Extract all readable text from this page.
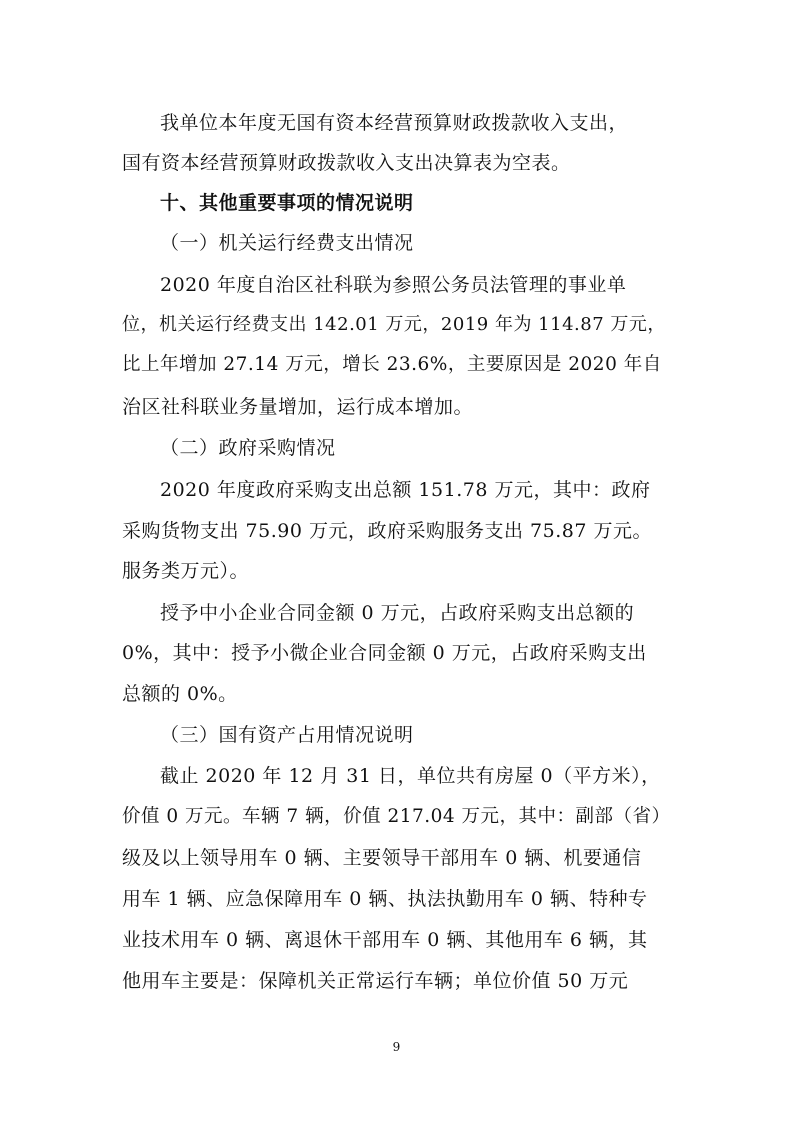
我单位本年度无国有资本经营预算财政拨款收入支出，
国有资本经营预算财政拨款收入支出决算表为空表。
十、其他重要事项的情况说明
（一）机关运行经费支出情况
2020 年度自治区社科联为参照公务员法管理的事业单
位，机关运行经费支出 142.01 万元，2019 年为 114.87 万元，
比上年增加 27.14 万元，增长 23.6%，主要原因是 2020 年自
治区社科联业务量增加，运行成本增加。
（二）政府采购情况
2020 年度政府采购支出总额 151.78 万元，其中：政府
采购货物支出 75.90 万元，政府采购服务支出 75.87 万元。
服务类万元）。
授予中小企业合同金额 0 万元，占政府采购支出总额的
0%，其中：授予小微企业合同金额 0 万元，占政府采购支出
总额的 0%。
（三）国有资产占用情况说明
截止 2020 年 12 月 31 日，单位共有房屋 0（平方米），
价值 0 万元。车辆 7 辆，价值 217.04 万元，其中：副部（省）
级及以上领导用车 0 辆、主要领导干部用车 0 辆、机要通信
用车 1 辆、应急保障用车 0 辆、执法执勤用车 0 辆、特种专
业技术用车 0 辆、离退休干部用车 0 辆、其他用车 6 辆，其
他用车主要是：保障机关正常运行车辆；单位价值 50 万元
9
